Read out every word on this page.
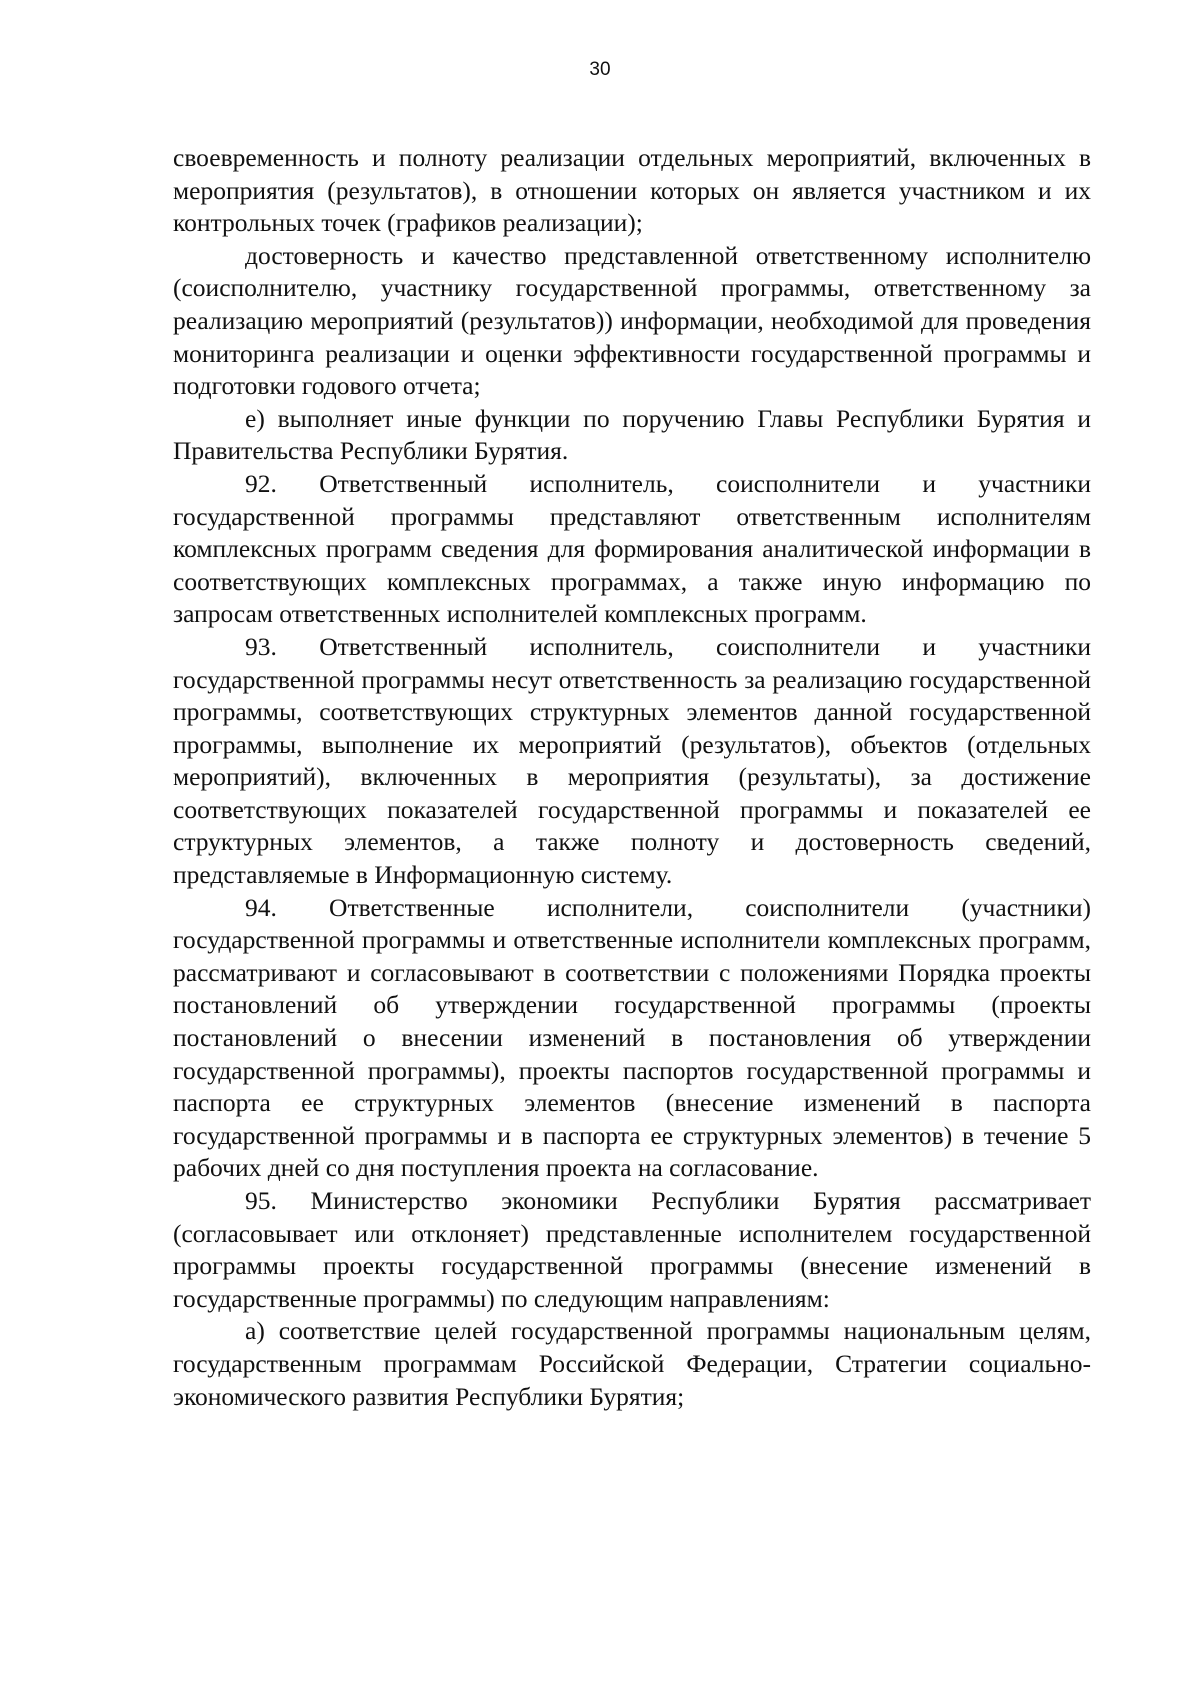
30

своевременность и полноту реализации отдельных мероприятий, включенных в мероприятия (результатов), в отношении которых он является участником и их контрольных точек (графиков реализации);

достоверность и качество представленной ответственному исполнителю (соисполнителю, участнику государственной программы, ответственному за реализацию мероприятий (результатов)) информации, необходимой для проведения мониторинга реализации и оценки эффективности государственной программы и подготовки годового отчета;

е) выполняет иные функции по поручению Главы Республики Бурятия и Правительства Республики Бурятия.

92. Ответственный исполнитель, соисполнители и участники государственной программы представляют ответственным исполнителям комплексных программ сведения для формирования аналитической информации в соответствующих комплексных программах, а также иную информацию по запросам ответственных исполнителей комплексных программ.

93. Ответственный исполнитель, соисполнители и участники государственной программы несут ответственность за реализацию государственной программы, соответствующих структурных элементов данной государственной программы, выполнение их мероприятий (результатов), объектов (отдельных мероприятий), включенных в мероприятия (результаты), за достижение соответствующих показателей государственной программы и показателей ее структурных элементов, а также полноту и достоверность сведений, представляемые в Информационную систему.

94. Ответственные исполнители, соисполнители (участники) государственной программы и ответственные исполнители комплексных программ, рассматривают и согласовывают в соответствии с положениями Порядка проекты постановлений об утверждении государственной программы (проекты постановлений о внесении изменений в постановления об утверждении государственной программы), проекты паспортов государственной программы и паспорта ее структурных элементов (внесение изменений в паспорта государственной программы и в паспорта ее структурных элементов) в течение 5 рабочих дней со дня поступления проекта на согласование.

95. Министерство экономики Республики Бурятия рассматривает (согласовывает или отклоняет) представленные исполнителем государственной программы проекты государственной программы (внесение изменений в государственные программы) по следующим направлениям:

а) соответствие целей государственной программы национальным целям, государственным программам Российской Федерации, Стратегии социально-экономического развития Республики Бурятия;
